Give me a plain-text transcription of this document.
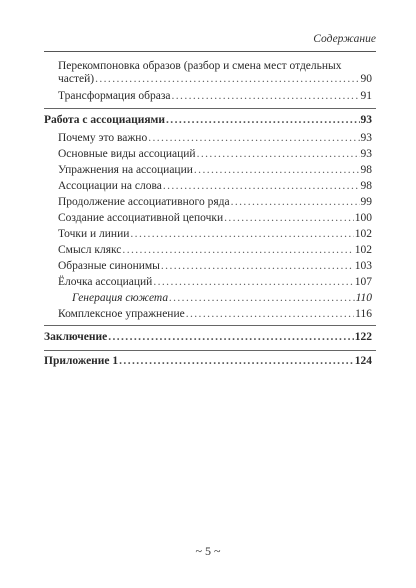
Содержание
Перекомпоновка образов (разбор и смена мест отдельных
частей) .....	90
Трансформация образа .....	91
Работа с ассоциациями .....	93
Почему это важно .....	93
Основные виды ассоциаций .....	93
Упражнения на ассоциации .....	98
Ассоциации на слова .....	98
Продолжение ассоциативного ряда .....	99
Создание ассоциативной цепочки .....	100
Точки и линии .....	102
Смысл клякс .....	102
Образные синонимы .....	103
Ёлочка ассоциаций .....	107
Генерация сюжета .....	110
Комплексное упражнение .....	116
Заключение .....	122
Приложение 1 .....	124
~ 5 ~
